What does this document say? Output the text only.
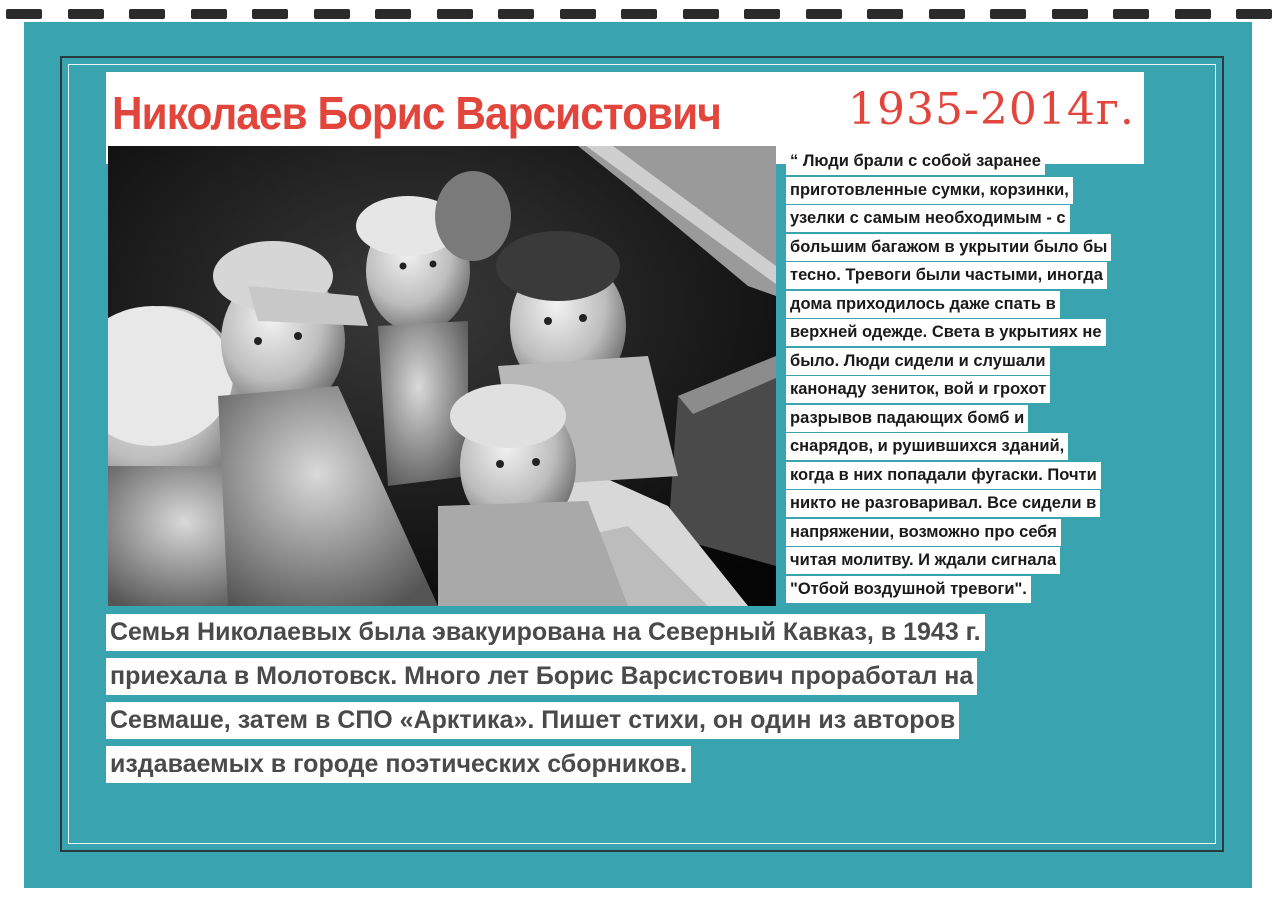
Николаев Борис Варсистович	1935-2014г.
“ Люди брали с собой заранее
приготовленные сумки, корзинки,
узелки с самым необходимым - с
большим багажом в укрытии было бы
тесно. Тревоги были частыми, иногда
дома приходилось даже спать в
верхней одежде. Света в укрытиях не
было. Люди сидели и слушали
канонаду зениток, вой и грохот
разрывов падающих бомб и
снарядов, и рушившихся зданий,
когда в них попадали фугаски. Почти
никто не разговаривал. Все сидели в
напряжении, возможно про себя
читая молитву. И ждали сигнала
"Отбой воздушной тревоги".
Семья Николаевых была эвакуирована на Северный Кавказ, в 1943 г.
приехала в Молотовск. Много лет Борис Варсистович проработал на
Севмаше, затем в СПО «Арктика». Пишет стихи, он один из авторов
издаваемых в городе поэтических сборников.
